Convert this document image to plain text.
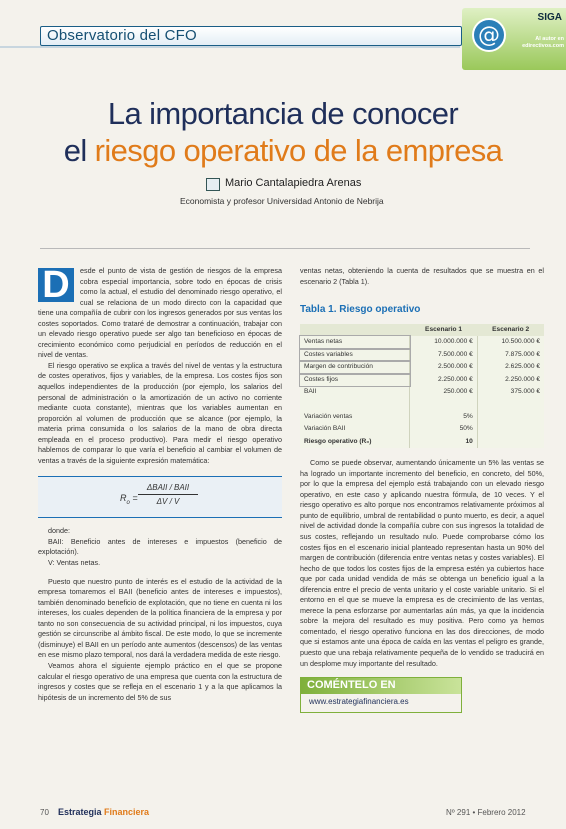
Observatorio del CFO	@
SIGA
Al autor en edirectivos.com
La importancia de conocer
el riesgo operativo de la empresa
Mario Cantalapiedra Arenas
Economista y profesor Universidad Antonio de Nebrija

D	esde el punto de vista de gestión de riesgos de la empresa cobra especial importancia, sobre todo en épocas de crisis como la actual, el estudio del denominado riesgo operativo, el cual se relaciona de un modo directo con la capacidad que tiene una compañía de cubrir con los ingresos generados por sus ventas los costes soportados. Como trataré de demostrar a continuación, trabajar con un elevado riesgo operativo puede ser algo tan beneficioso en épocas de crecimiento económico como perjudicial en períodos de reducción en el nivel de ventas.

El riesgo operativo se explica a través del nivel de ventas y la estructura de costes operativos, fijos y variables, de la empresa. Los costes fijos son aquellos independientes de la producción (por ejemplo, los salarios del personal de administración o la amortización de un activo no corriente mediante cuota constante), mientras que los variables aumentan en proporción al volumen de producción que se alcance (por ejemplo, la materia prima consumida o los salarios de la mano de obra directa empleada en el proceso productivo). Para medir el riesgo operativo hablemos de comparar lo que varía el beneficio al cambiar el volumen de ventas a través de la siguiente expresión matemática:

$R_o$ =
ΔBAII / BAII
ΔV / V

donde:

BAII: Beneficio antes de intereses e impuestos (beneficio de explotación).

V: Ventas netas.

Puesto que nuestro punto de interés es el estudio de la actividad de la empresa tomaremos el BAII (beneficio antes de intereses e impuestos), también denominado beneficio de explotación, que no tiene en cuenta ni los intereses, los cuales dependen de la política financiera de la empresa y por tanto no son consecuencia de su actividad principal, ni los impuestos, cuya gestión se circunscribe al ámbito fiscal. De este modo, lo que se incremente (disminuye) el BAII en un período ante aumentos (descensos) de las ventas en ese mismo plazo temporal, nos dará la verdadera medida de este riesgo.

Veamos ahora el siguiente ejemplo práctico en el que se propone calcular el riesgo operativo de una empresa que cuenta con la estructura de ingresos y costes que se refleja en el escenario 1 y a la que aplicamos la hipótesis de un incremento del 5% de sus

ventas netas, obteniendo la cuenta de resultados que se muestra en el escenario 2 (Tabla 1).

Tabla 1. Riesgo operativo
	Escenario 1	Escenario 2
Ventas netas	10.000.000 €	10.500.000 €
Costes variables	7.500.000 €	7.875.000 €
Margen de contribución	2.500.000 €	2.625.000 €
Costes fijos	2.250.000 €	2.250.000 €
BAII	250.000 €	375.000 €

Variación ventas	5%	
Variación BAII	50%	
Riesgo operativo (R₀)	10	

Como se puede observar, aumentando únicamente un 5% las ventas se ha logrado un importante incremento del beneficio, en concreto, del 50%, por lo que la empresa del ejemplo está trabajando con un elevado riesgo operativo, en este caso y aplicando nuestra fórmula, de 10 veces. Y el riesgo operativo es alto porque nos encontramos relativamente próximos al punto de equilibrio, umbral de rentabilidad o punto muerto, es decir, a aquel nivel de actividad donde la compañía cubre con sus ingresos la totalidad de sus costes, reflejando un resultado nulo. Puede comprobarse cómo los costes fijos en el escenario inicial planteado representan hasta un 90% del margen de contribución (diferencia entre ventas netas y costes variables). El hecho de que todos los costes fijos de la empresa estén ya cubiertos hace que por cada unidad vendida de más se obtenga un beneficio igual a la diferencia entre el precio de venta unitario y el coste variable unitario. Si el entorno en el que se mueve la empresa es de crecimiento de las ventas, merece la pena esforzarse por aumentarlas aún más, ya que la incidencia sobre la mejora del resultado es muy positiva. Pero como ya hemos comentado, el riesgo operativo funciona en las dos direcciones, de modo que si estamos ante una época de caída en las ventas el peligro es grande, puesto que una rebaja relativamente pequeña de lo vendido se traducirá en un desplome muy importante del resultado.

COMÉNTELO EN
www.estrategiafinanciera.es
70 Estrategia Financiera	Nº 291 • Febrero 2012
